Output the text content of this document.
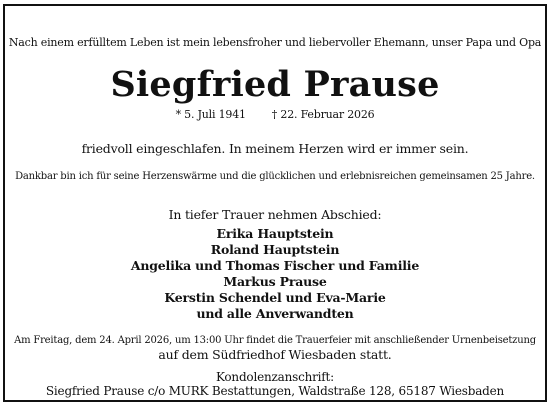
Nach einem erfülltem Leben ist mein lebensfroher und liebervoller Ehemann, unser Papa und Opa
Siegfried Prause
* 5. Juli 1941 † 22. Februar 2026
friedvoll eingeschlafen. In meinem Herzen wird er immer sein.
Dankbar bin ich für seine Herzenswärme und die glücklichen und erlebnisreichen gemeinsamen 25 Jahre.
In tiefer Trauer nehmen Abschied:
Erika Hauptstein
Roland Hauptstein
Angelika und Thomas Fischer und Familie
Markus Prause
Kerstin Schendel und Eva-Marie
und alle Anverwandten
Am Freitag, dem 24. April 2026, um 13:00 Uhr findet die Trauerfeier mit anschließender Urnenbeisetzung
auf dem Südfriedhof Wiesbaden statt.
Kondolenzanschrift:
Siegfried Prause c/o MURK Bestattungen, Waldstraße 128, 65187 Wiesbaden
